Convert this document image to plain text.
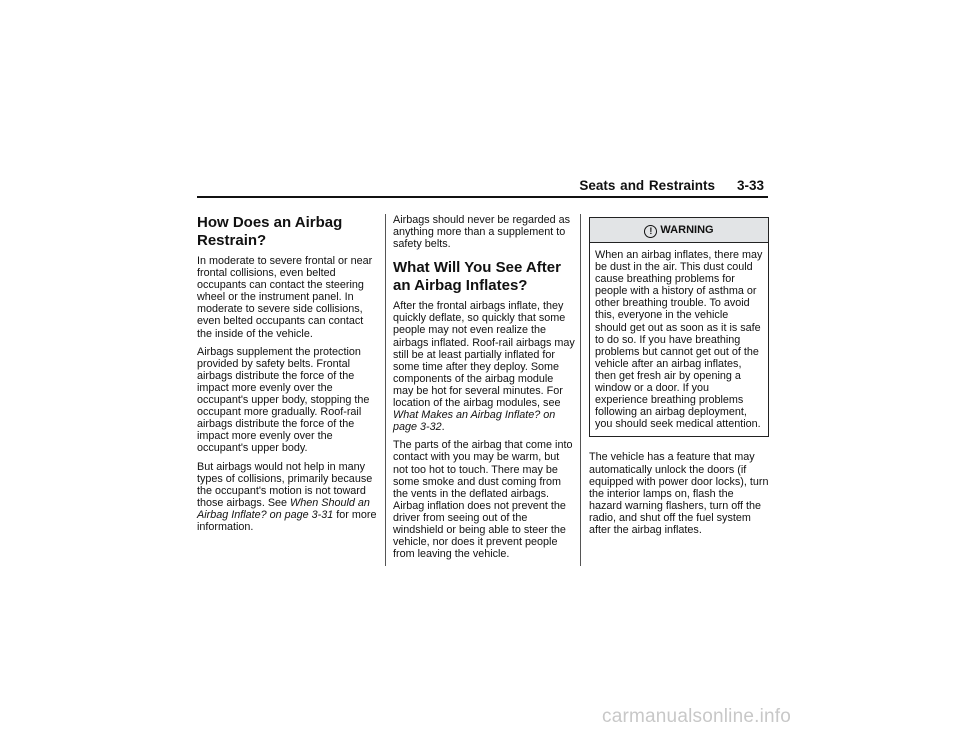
Seats and Restraints 3-33
How Does an Airbag Restrain?

In moderate to severe frontal or near frontal collisions, even belted occupants can contact the steering wheel or the instrument panel. In moderate to severe side collisions, even belted occupants can contact the inside of the vehicle.

Airbags supplement the protection provided by safety belts. Frontal airbags distribute the force of the impact more evenly over the occupant's upper body, stopping the occupant more gradually. Roof-rail airbags distribute the force of the impact more evenly over the occupant's upper body.

But airbags would not help in many types of collisions, primarily because the occupant's motion is not toward those airbags. See When Should an Airbag Inflate? on page 3-31 for more information.

Airbags should never be regarded as anything more than a supplement to safety belts.

What Will You See After an Airbag Inflates?

After the frontal airbags inflate, they quickly deflate, so quickly that some people may not even realize the airbags inflated. Roof-rail airbags may still be at least partially inflated for some time after they deploy. Some components of the airbag module may be hot for several minutes. For location of the airbag modules, see What Makes an Airbag Inflate? on page 3-32.

The parts of the airbag that come into contact with you may be warm, but not too hot to touch. There may be some smoke and dust coming from the vents in the deflated airbags. Airbag inflation does not prevent the driver from seeing out of the windshield or being able to steer the vehicle, nor does it prevent people from leaving the vehicle.

! WARNING
When an airbag inflates, there may be dust in the air. This dust could cause breathing problems for people with a history of asthma or other breathing trouble. To avoid this, everyone in the vehicle should get out as soon as it is safe to do so. If you have breathing problems but cannot get out of the vehicle after an airbag inflates, then get fresh air by opening a window or a door. If you experience breathing problems following an airbag deployment, you should seek medical attention.

The vehicle has a feature that may automatically unlock the doors (if equipped with power door locks), turn the interior lamps on, flash the hazard warning flashers, turn off the radio, and shut off the fuel system after the airbag inflates.

carmanualsonline.info
